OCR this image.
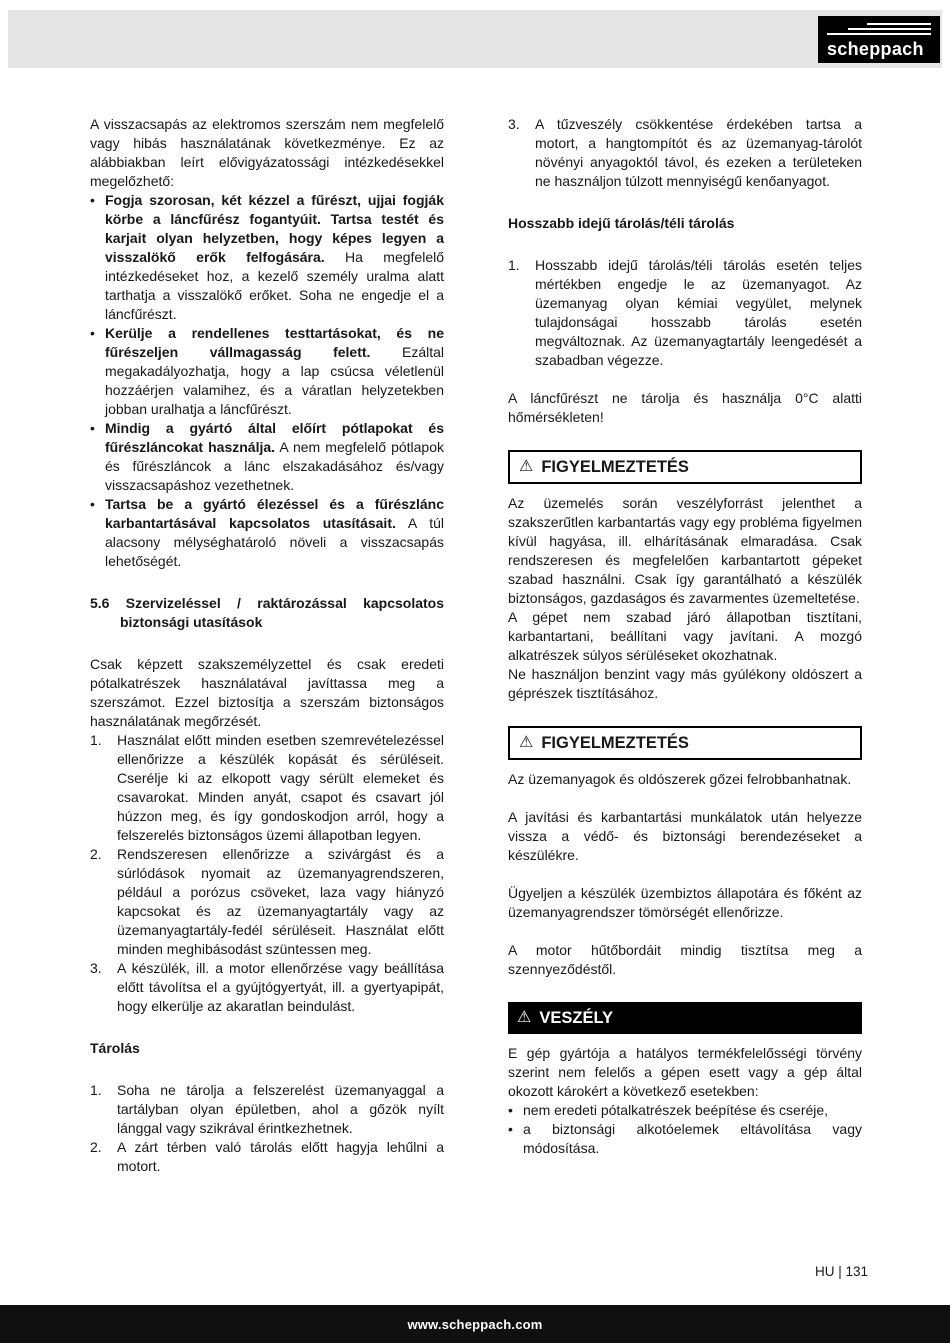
scheppach

A visszacsapás az elektromos szerszám nem megfelelő vagy hibás használatának következménye. Ez az alábbiakban leírt elővigyázatossági intézkedésekkel megelőzhető:

• Fogja szorosan, két kézzel a fűrészt, ujjai fogják körbe a láncfűrész fogantyúit. Tartsa testét és karjait olyan helyzetben, hogy képes legyen a visszalökő erők felfogására. Ha megfelelő intézkedéseket hoz, a kezelő személy uralma alatt tarthatja a visszalökő erőket. Soha ne engedje el a láncfűrészt.
• Kerülje a rendellenes testtartásokat, és ne fűrészeljen vállmagasság felett. Ezáltal megakadályozhatja, hogy a lap csúcsa véletlenül hozzáérjen valamihez, és a váratlan helyzetekben jobban uralhatja a láncfűrészt.
• Mindig a gyártó által előírt pótlapokat és fűrészláncokat használja. A nem megfelelő pótlapok és fűrészláncok a lánc elszakadásához és/vagy visszacsapáshoz vezethetnek.
• Tartsa be a gyártó élezéssel és a fűrészlánc karbantartásával kapcsolatos utasításait. A túl alacsony mélységhatároló növeli a visszacsapás lehetőségét.

5.6 Szervizeléssel / raktározással kapcsolatos biztonsági utasítások

Csak képzett szakszemélyzettel és csak eredeti pótalkatrészek használatával javíttassa meg a szerszámot. Ezzel biztosítja a szerszám biztonságos használatának megőrzését.

1.	Használat előtt minden esetben szemrevételezéssel ellenőrizze a készülék kopását és sérüléseit. Cserélje ki az elkopott vagy sérült elemeket és csavarokat. Minden anyát, csapot és csavart jól húzzon meg, és így gondoskodjon arról, hogy a felszerelés biztonságos üzemi állapotban legyen.
2.	Rendszeresen ellenőrizze a szivárgást és a súrlódások nyomait az üzemanyagrendszeren, például a porózus csöveket, laza vagy hiányzó kapcsokat és az üzemanyagtartály vagy az üzemanyagtartály-fedél sérüléseit. Használat előtt minden meghibásodást szüntessen meg.
3.	A készülék, ill. a motor ellenőrzése vagy beállítása előtt távolítsa el a gyújtógyertyát, ill. a gyertyapipát, hogy elkerülje az akaratlan beindulást.

Tárolás

1.	Soha ne tárolja a felszerelést üzemanyaggal a tartályban olyan épületben, ahol a gőzök nyílt lánggal vagy szikrával érintkezhetnek.
2.	A zárt térben való tárolás előtt hagyja lehűlni a motort.
3.	A tűzveszély csökkentése érdekében tartsa a motort, a hangtompítót és az üzemanyag-tárolót növényi anyagoktól távol, és ezeken a területeken ne használjon túlzott mennyiségű kenőanyagot.

Hosszabb idejű tárolás/téli tárolás

1.	Hosszabb idejű tárolás/téli tárolás esetén teljes mértékben engedje le az üzemanyagot. Az üzemanyag olyan kémiai vegyület, melynek tulajdonságai hosszabb tárolás esetén megváltoznak. Az üzemanyagtartály leengedését a szabadban végezze.

A láncfűrészt ne tárolja és használja 0°C alatti hőmérsékleten!

⚠ FIGYELMEZTETÉS

Az üzemelés során veszélyforrást jelenthet a szakszerűtlen karbantartás vagy egy probléma figyelmen kívül hagyása, ill. elhárításának elmaradása. Csak rendszeresen és megfelelően karbantartott gépeket szabad használni. Csak így garantálható a készülék biztonságos, gazdaságos és zavarmentes üzemeltetése.

A gépet nem szabad járó állapotban tisztítani, karbantartani, beállítani vagy javítani. A mozgó alkatrészek súlyos sérüléseket okozhatnak.

Ne használjon benzint vagy más gyúlékony oldószert a géprészek tisztításához.

⚠ FIGYELMEZTETÉS

Az üzemanyagok és oldószerek gőzei felrobbanhatnak.

A javítási és karbantartási munkálatok után helyezze vissza a védő- és biztonsági berendezéseket a készülékre.

Ügyeljen a készülék üzembiztos állapotára és főként az üzemanyagrendszer tömörségét ellenőrizze.

A motor hűtőbordáit mindig tisztítsa meg a szennyeződéstől.

⚠ VESZÉLY

E gép gyártója a hatályos termékfelelősségi törvény szerint nem felelős a gépen esett vagy a gép által okozott károkért a következő esetekben:

• nem eredeti pótalkatrészek beépítése és cseréje,
• a biztonsági alkotóelemek eltávolítása vagy módosítása.
HU | 131
www.scheppach.com
